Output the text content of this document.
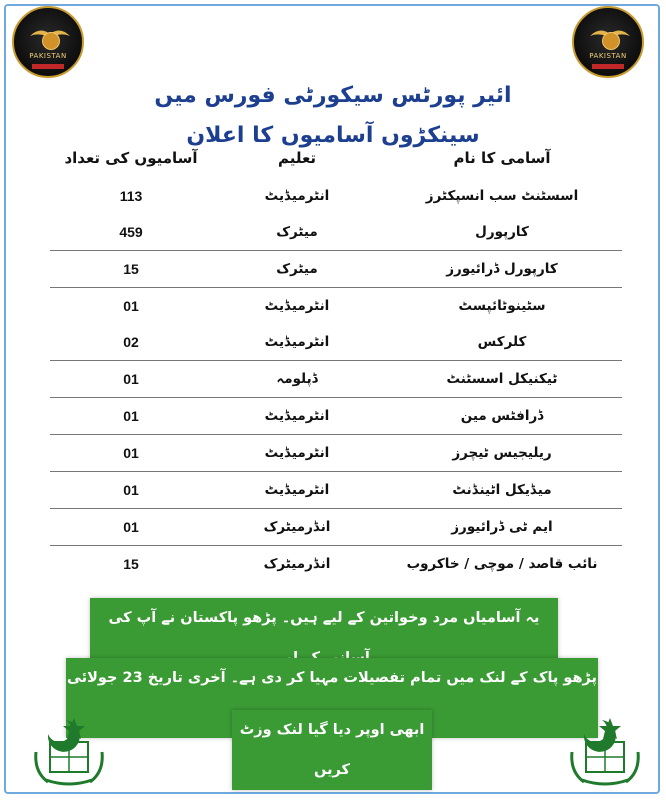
PAKISTAN	PAKISTAN
ائیر پورٹس سیکورٹی فورس میں سینکڑوں آسامیوں کا اعلان
آسامی کا نام
تعلیم
آسامیوں کی تعداد
اسسٹنٹ سب انسپکٹرز
انٹرمیڈیٹ
113
کارپورل
میٹرک
459
کارپورل ڈرائیورز
میٹرک
15
سٹینوٹائپسٹ
انٹرمیڈیٹ
01
کلرکس
انٹرمیڈیٹ
02
ٹیکنیکل اسسٹنٹ
ڈپلومہ
01
ڈرافٹس مین
انٹرمیڈیٹ
01
ریلیجیس ٹیچرز
انٹرمیڈیٹ
01
میڈیکل اٹینڈنٹ
انٹرمیڈیٹ
01
ایم ٹی ڈرائیورز
انڈرمیٹرک
01
نائب قاصد / موچی / خاکروب
انڈرمیٹرک
15
یہ آسامیاں مرد وخواتین کے لیے ہیں۔ پڑھو پاکستان نے آپ کی
پڑھو پاک کے لنک میں تمام تفصیلات مہیا کر دی ہے۔ آخری تاریخ 23 جولائی
ابھی اوپر دیا گیا لنک وزٹ کریں
